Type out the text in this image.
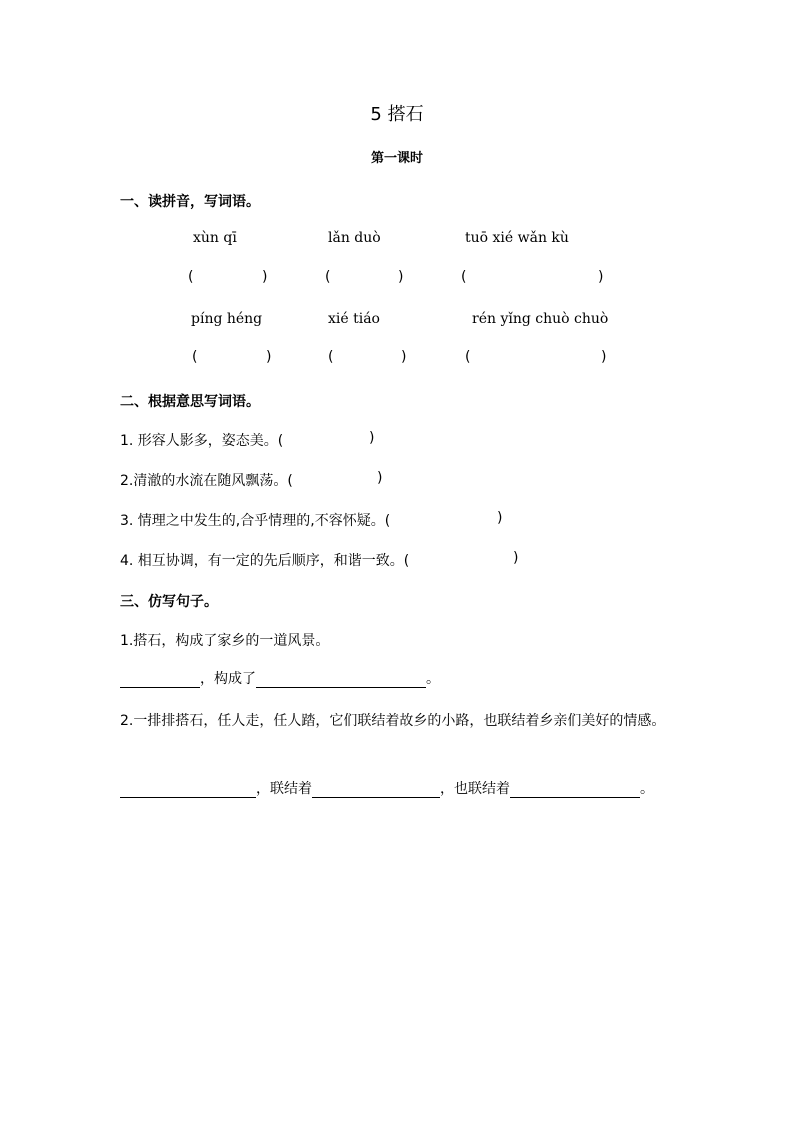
5 搭石
第一课时
一、读拼音，写词语。
xùn qī	lǎn duò	tuō xié wǎn kù
(	)	(	)	(	)
píng héng	xié tiáo	rén yǐng chuò chuò
(	)	(	)	(	)
二、根据意思写词语。
1. 形容人影多，姿态美。(	)
2.清澈的水流在随风飘荡。(	)
3. 情理之中发生的,合乎情理的,不容怀疑。(	)
4. 相互协调，有一定的先后顺序，和谐一致。(	)
三、仿写句子。
1.搭石，构成了家乡的一道风景。
，构成了	。
2.一排排搭石，任人走，任人踏，它们联结着故乡的小路，也联结着乡亲们美好的情感。
，联结着	，也联结着	。
